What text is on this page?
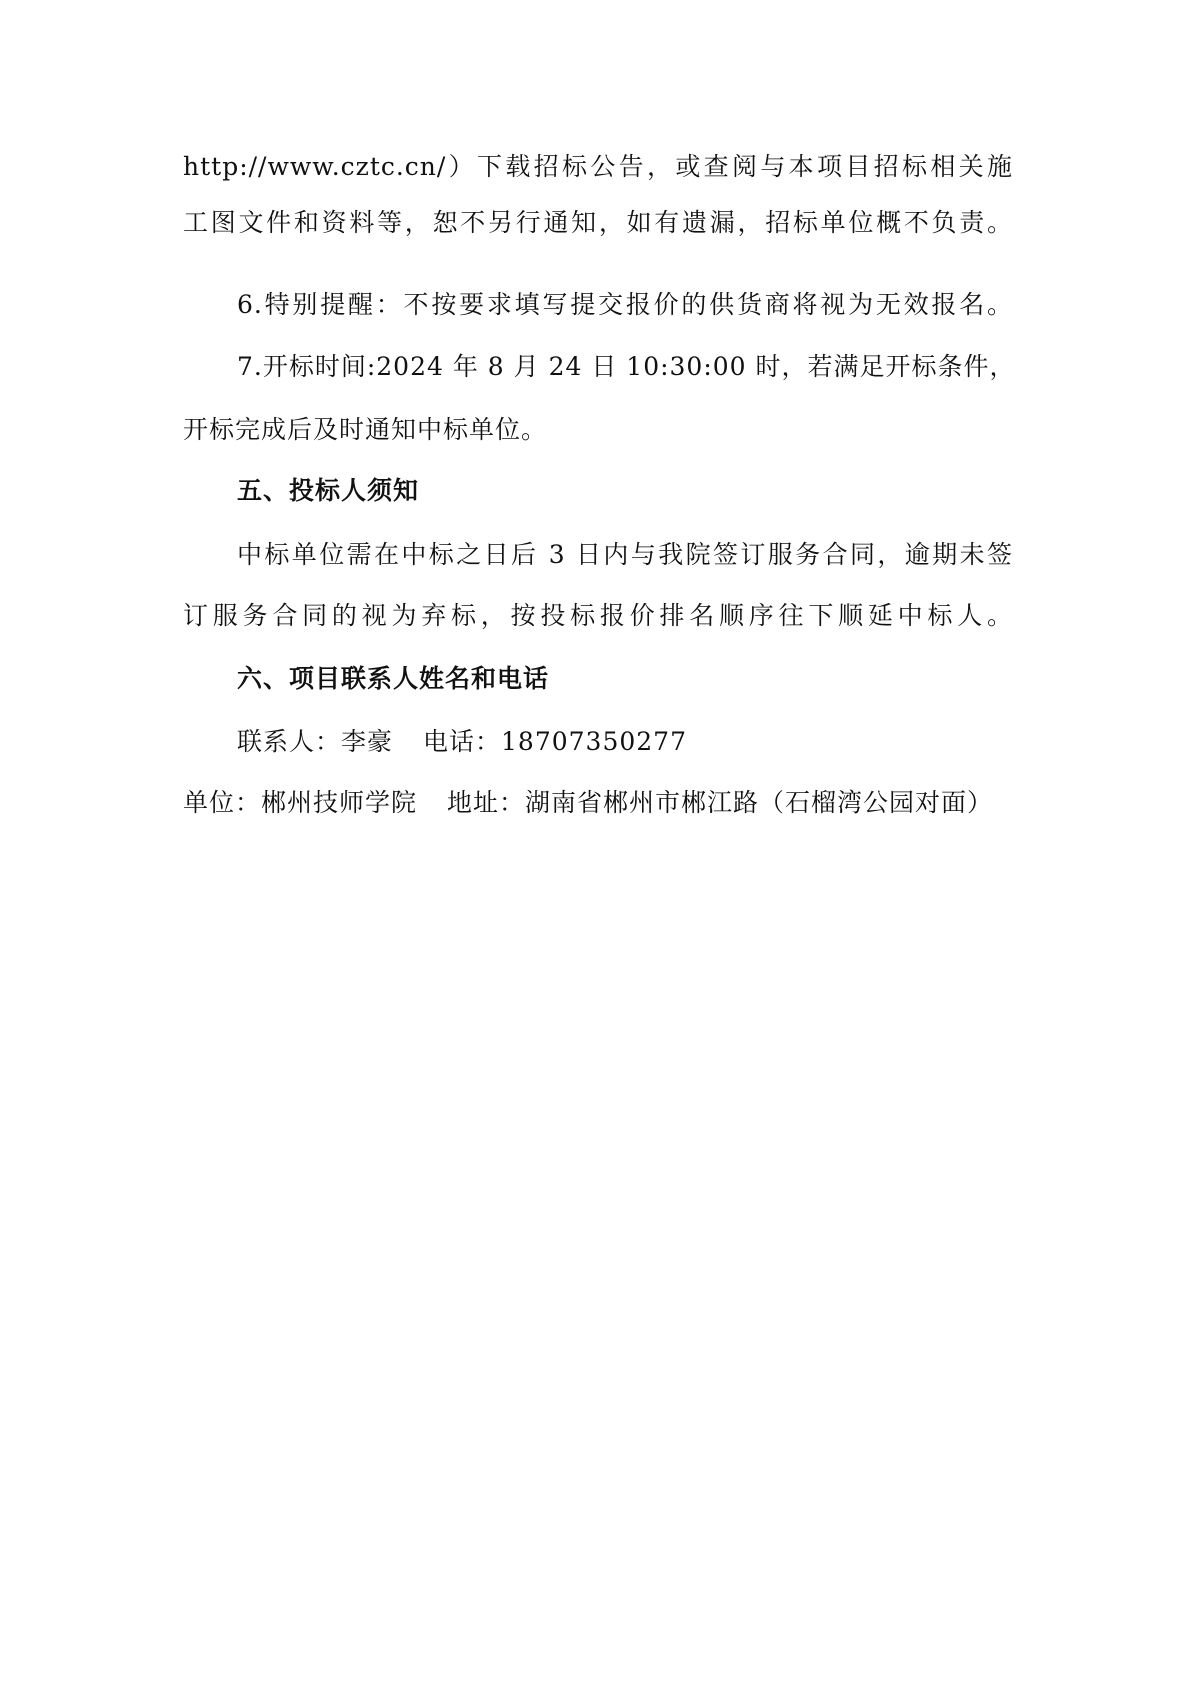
http://www.cztc.cn/）下载招标公告，或查阅与本项目招标相关施
工图文件和资料等，恕不另行通知，如有遗漏，招标单位概不负责。
6.特别提醒：不按要求填写提交报价的供货商将视为无效报名。
7.开标时间:2024 年 8 月 24 日 10:30:00 时，若满足开标条件，
开标完成后及时通知中标单位。
五、投标人须知
中标单位需在中标之日后 3 日内与我院签订服务合同，逾期未签
订服务合同的视为弃标，按投标报价排名顺序往下顺延中标人。
六、项目联系人姓名和电话
联系人：李豪 电话：18707350277
单位：郴州技师学院 地址：湖南省郴州市郴江路（石榴湾公园对面）
